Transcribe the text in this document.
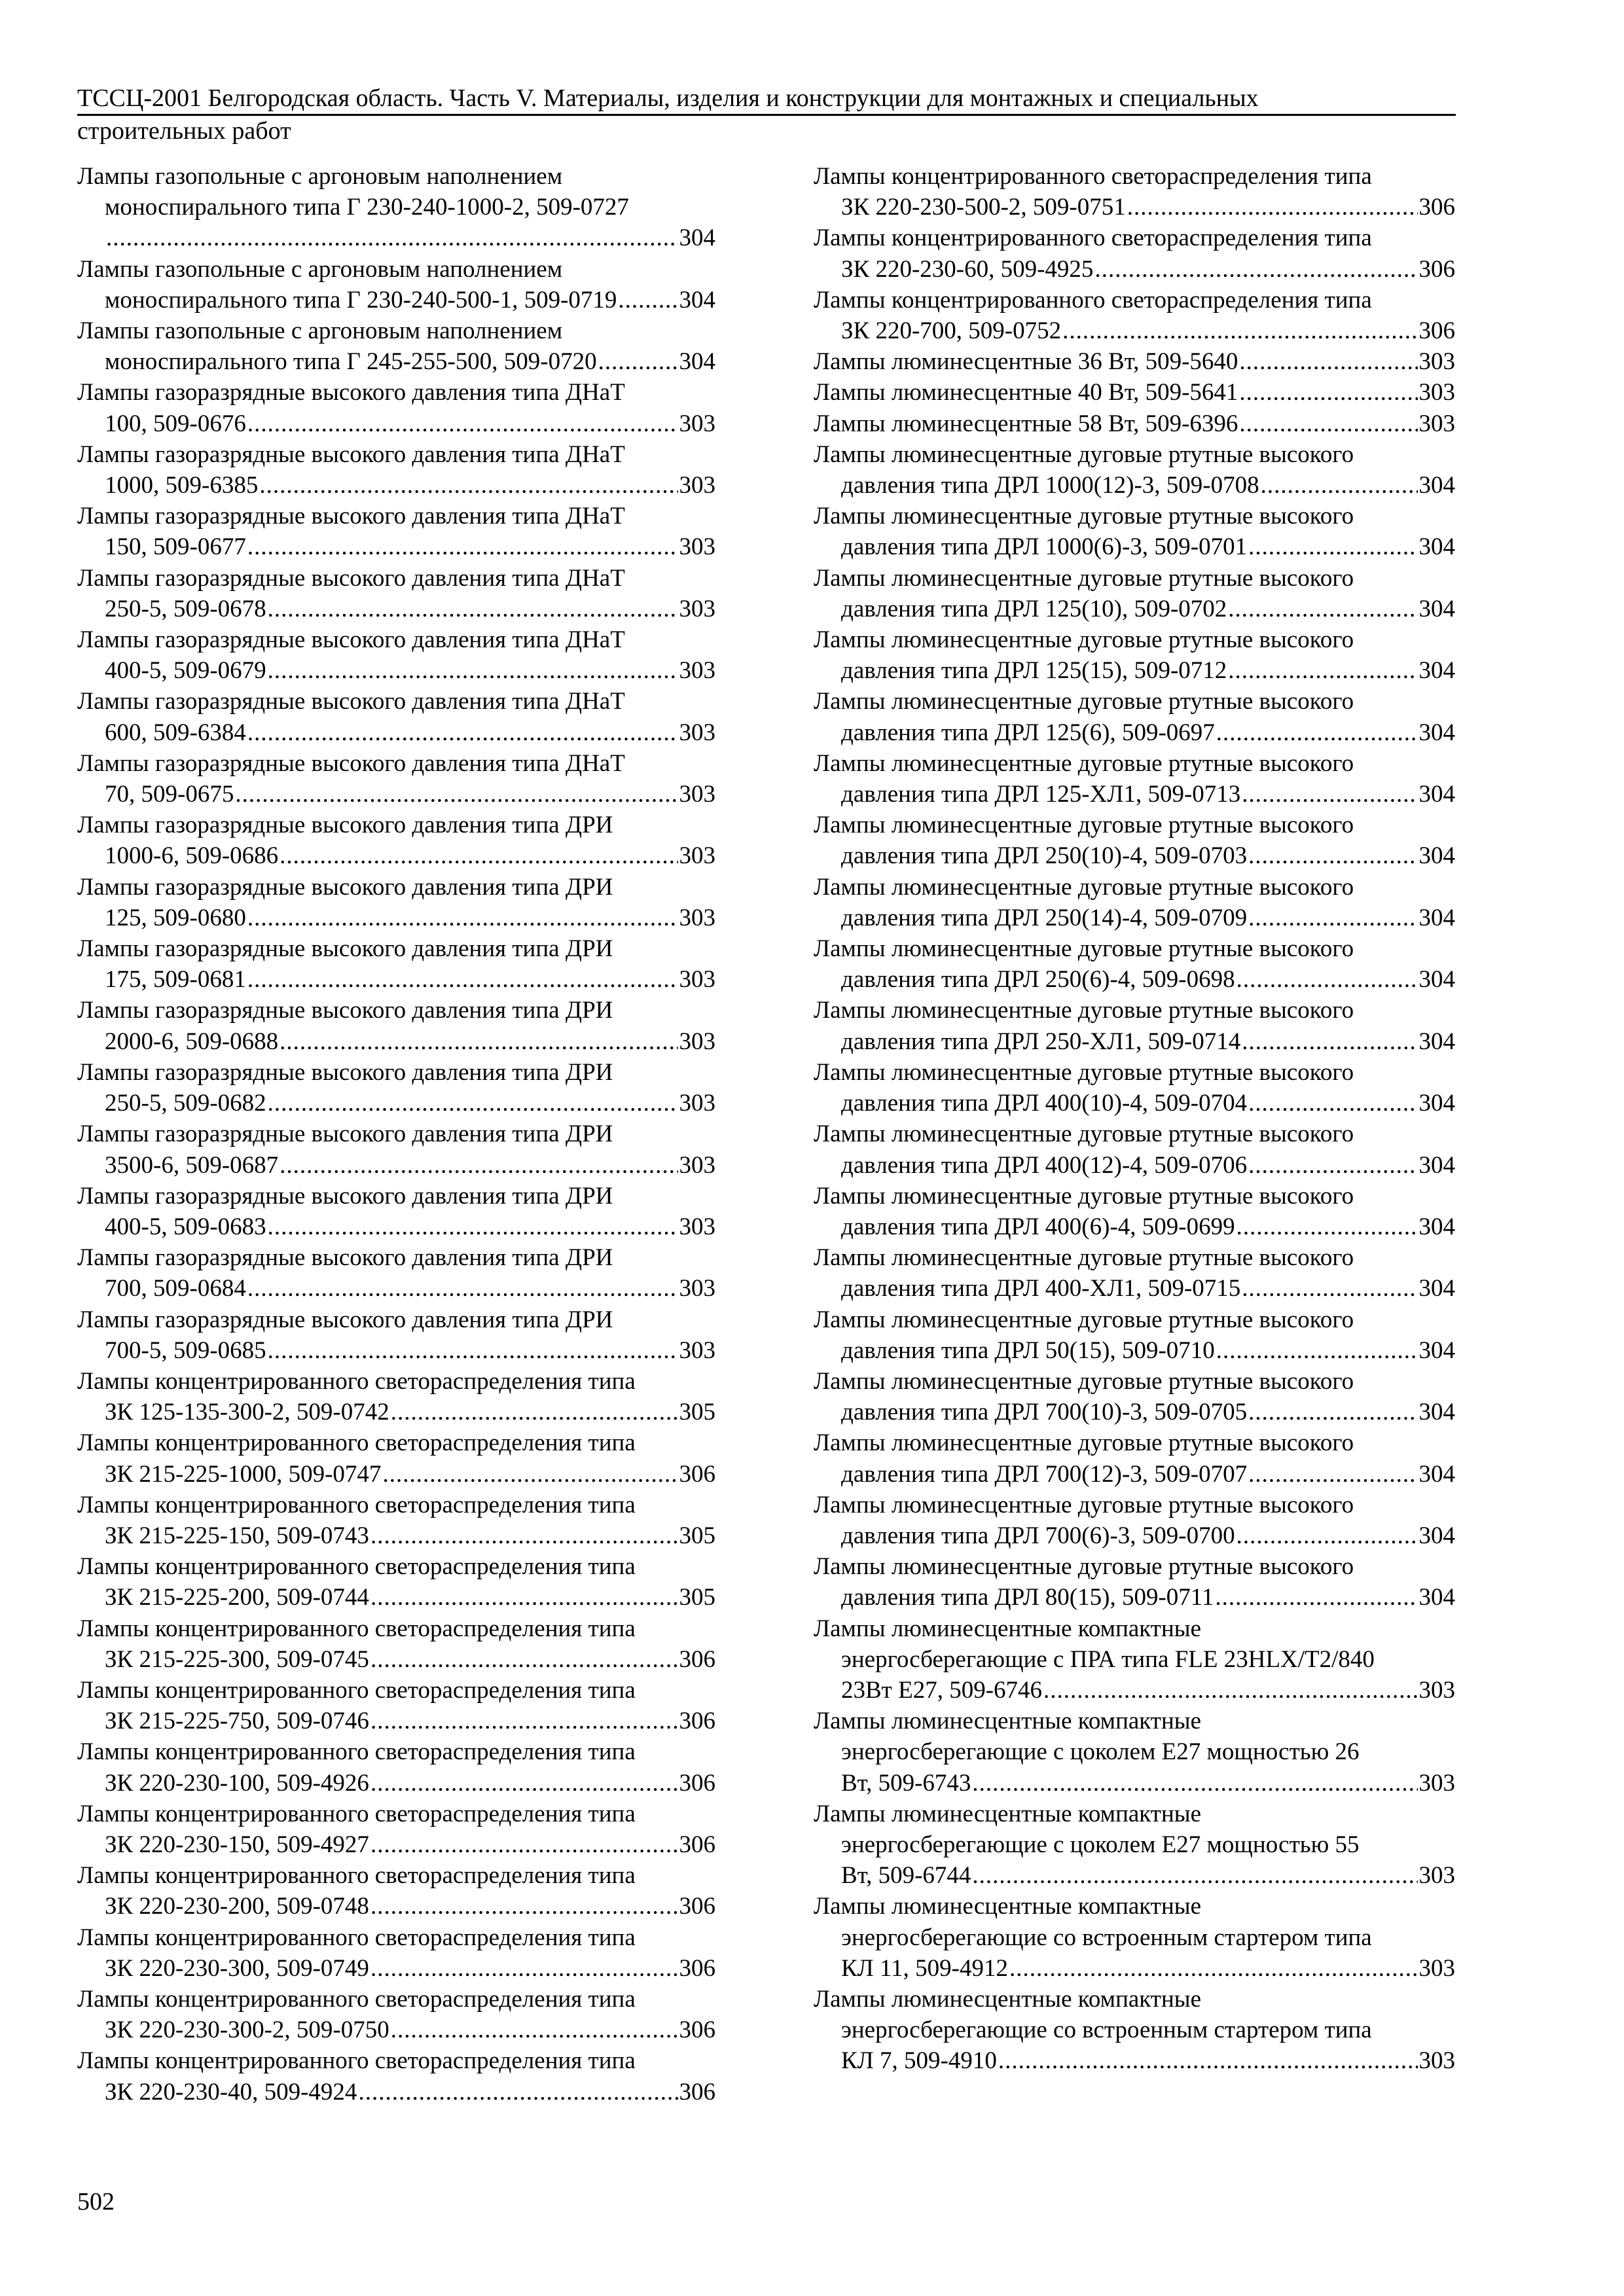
ТССЦ-2001 Белгородская область. Часть V. Материалы, изделия и конструкции для монтажных и специальных
строительных работ
Лампы газопольные с аргоновым наполнением
моноспирального типа Г 230-240-1000-2, 509-0727
.....
304
Лампы газопольные с аргоновым наполнением
моноспирального типа Г 230-240-500-1, 509-0719 .....	304
Лампы газопольные с аргоновым наполнением
моноспирального типа Г 245-255-500, 509-0720 .....	304
Лампы газоразрядные высокого давления типа ДНаТ
100, 509-0676 .....	303
Лампы газоразрядные высокого давления типа ДНаТ
1000, 509-6385 .....	303
Лампы газоразрядные высокого давления типа ДНаТ
150, 509-0677 .....	303
Лампы газоразрядные высокого давления типа ДНаТ
250-5, 509-0678 .....	303
Лампы газоразрядные высокого давления типа ДНаТ
400-5, 509-0679 .....	303
Лампы газоразрядные высокого давления типа ДНаТ
600, 509-6384 .....	303
Лампы газоразрядные высокого давления типа ДНаТ
70, 509-0675 .....	303
Лампы газоразрядные высокого давления типа ДРИ
1000-6, 509-0686 .....	303
Лампы газоразрядные высокого давления типа ДРИ
125, 509-0680 .....	303
Лампы газоразрядные высокого давления типа ДРИ
175, 509-0681 .....	303
Лампы газоразрядные высокого давления типа ДРИ
2000-6, 509-0688 .....	303
Лампы газоразрядные высокого давления типа ДРИ
250-5, 509-0682 .....	303
Лампы газоразрядные высокого давления типа ДРИ
3500-6, 509-0687 .....	303
Лампы газоразрядные высокого давления типа ДРИ
400-5, 509-0683 .....	303
Лампы газоразрядные высокого давления типа ДРИ
700, 509-0684 .....	303
Лампы газоразрядные высокого давления типа ДРИ
700-5, 509-0685 .....	303
Лампы концентрированного светораспределения типа
ЗК 125-135-300-2, 509-0742 .....	305
Лампы концентрированного светораспределения типа
ЗК 215-225-1000, 509-0747 .....	306
Лампы концентрированного светораспределения типа
ЗК 215-225-150, 509-0743 .....	305
Лампы концентрированного светораспределения типа
ЗК 215-225-200, 509-0744 .....	305
Лампы концентрированного светораспределения типа
ЗК 215-225-300, 509-0745 .....	306
Лампы концентрированного светораспределения типа
ЗК 215-225-750, 509-0746 .....	306
Лампы концентрированного светораспределения типа
ЗК 220-230-100, 509-4926 .....	306
Лампы концентрированного светораспределения типа
ЗК 220-230-150, 509-4927 .....	306
Лампы концентрированного светораспределения типа
ЗК 220-230-200, 509-0748 .....	306
Лампы концентрированного светораспределения типа
ЗК 220-230-300, 509-0749 .....	306
Лампы концентрированного светораспределения типа
ЗК 220-230-300-2, 509-0750 .....	306
Лампы концентрированного светораспределения типа
ЗК 220-230-40, 509-4924 .....	306
Лампы концентрированного светораспределения типа
ЗК 220-230-500-2, 509-0751 .....	306
Лампы концентрированного светораспределения типа
ЗК 220-230-60, 509-4925 .....	306
Лампы концентрированного светораспределения типа
ЗК 220-700, 509-0752 .....	306
Лампы люминесцентные 36 Вт, 509-5640 .....	303
Лампы люминесцентные 40 Вт, 509-5641 .....	303
Лампы люминесцентные 58 Вт, 509-6396 .....	303
Лампы люминесцентные дуговые ртутные высокого
давления типа ДРЛ 1000(12)-3, 509-0708 .....	304
Лампы люминесцентные дуговые ртутные высокого
давления типа ДРЛ 1000(6)-3, 509-0701 .....	304
Лампы люминесцентные дуговые ртутные высокого
давления типа ДРЛ 125(10), 509-0702 .....	304
Лампы люминесцентные дуговые ртутные высокого
давления типа ДРЛ 125(15), 509-0712 .....	304
Лампы люминесцентные дуговые ртутные высокого
давления типа ДРЛ 125(6), 509-0697 .....	304
Лампы люминесцентные дуговые ртутные высокого
давления типа ДРЛ 125-ХЛ1, 509-0713 .....	304
Лампы люминесцентные дуговые ртутные высокого
давления типа ДРЛ 250(10)-4, 509-0703 .....	304
Лампы люминесцентные дуговые ртутные высокого
давления типа ДРЛ 250(14)-4, 509-0709 .....	304
Лампы люминесцентные дуговые ртутные высокого
давления типа ДРЛ 250(6)-4, 509-0698 .....	304
Лампы люминесцентные дуговые ртутные высокого
давления типа ДРЛ 250-ХЛ1, 509-0714 .....	304
Лампы люминесцентные дуговые ртутные высокого
давления типа ДРЛ 400(10)-4, 509-0704 .....	304
Лампы люминесцентные дуговые ртутные высокого
давления типа ДРЛ 400(12)-4, 509-0706 .....	304
Лампы люминесцентные дуговые ртутные высокого
давления типа ДРЛ 400(6)-4, 509-0699 .....	304
Лампы люминесцентные дуговые ртутные высокого
давления типа ДРЛ 400-ХЛ1, 509-0715 .....	304
Лампы люминесцентные дуговые ртутные высокого
давления типа ДРЛ 50(15), 509-0710 .....	304
Лампы люминесцентные дуговые ртутные высокого
давления типа ДРЛ 700(10)-3, 509-0705 .....	304
Лампы люминесцентные дуговые ртутные высокого
давления типа ДРЛ 700(12)-3, 509-0707 .....	304
Лампы люминесцентные дуговые ртутные высокого
давления типа ДРЛ 700(6)-3, 509-0700 .....	304
Лампы люминесцентные дуговые ртутные высокого
давления типа ДРЛ 80(15), 509-0711 .....	304
Лампы люминесцентные компактные
энергосберегающие с ПРА типа FLE 23HLX/T2/840
23Вт E27, 509-6746 .....	303
Лампы люминесцентные компактные
энергосберегающие с цоколем Е27 мощностью 26
Вт, 509-6743 .....	303
Лампы люминесцентные компактные
энергосберегающие с цоколем Е27 мощностью 55
Вт, 509-6744 .....	303
Лампы люминесцентные компактные
энергосберегающие со встроенным стартером типа
КЛ 11, 509-4912 .....	303
Лампы люминесцентные компактные
энергосберегающие со встроенным стартером типа
КЛ 7, 509-4910 .....	303
502
